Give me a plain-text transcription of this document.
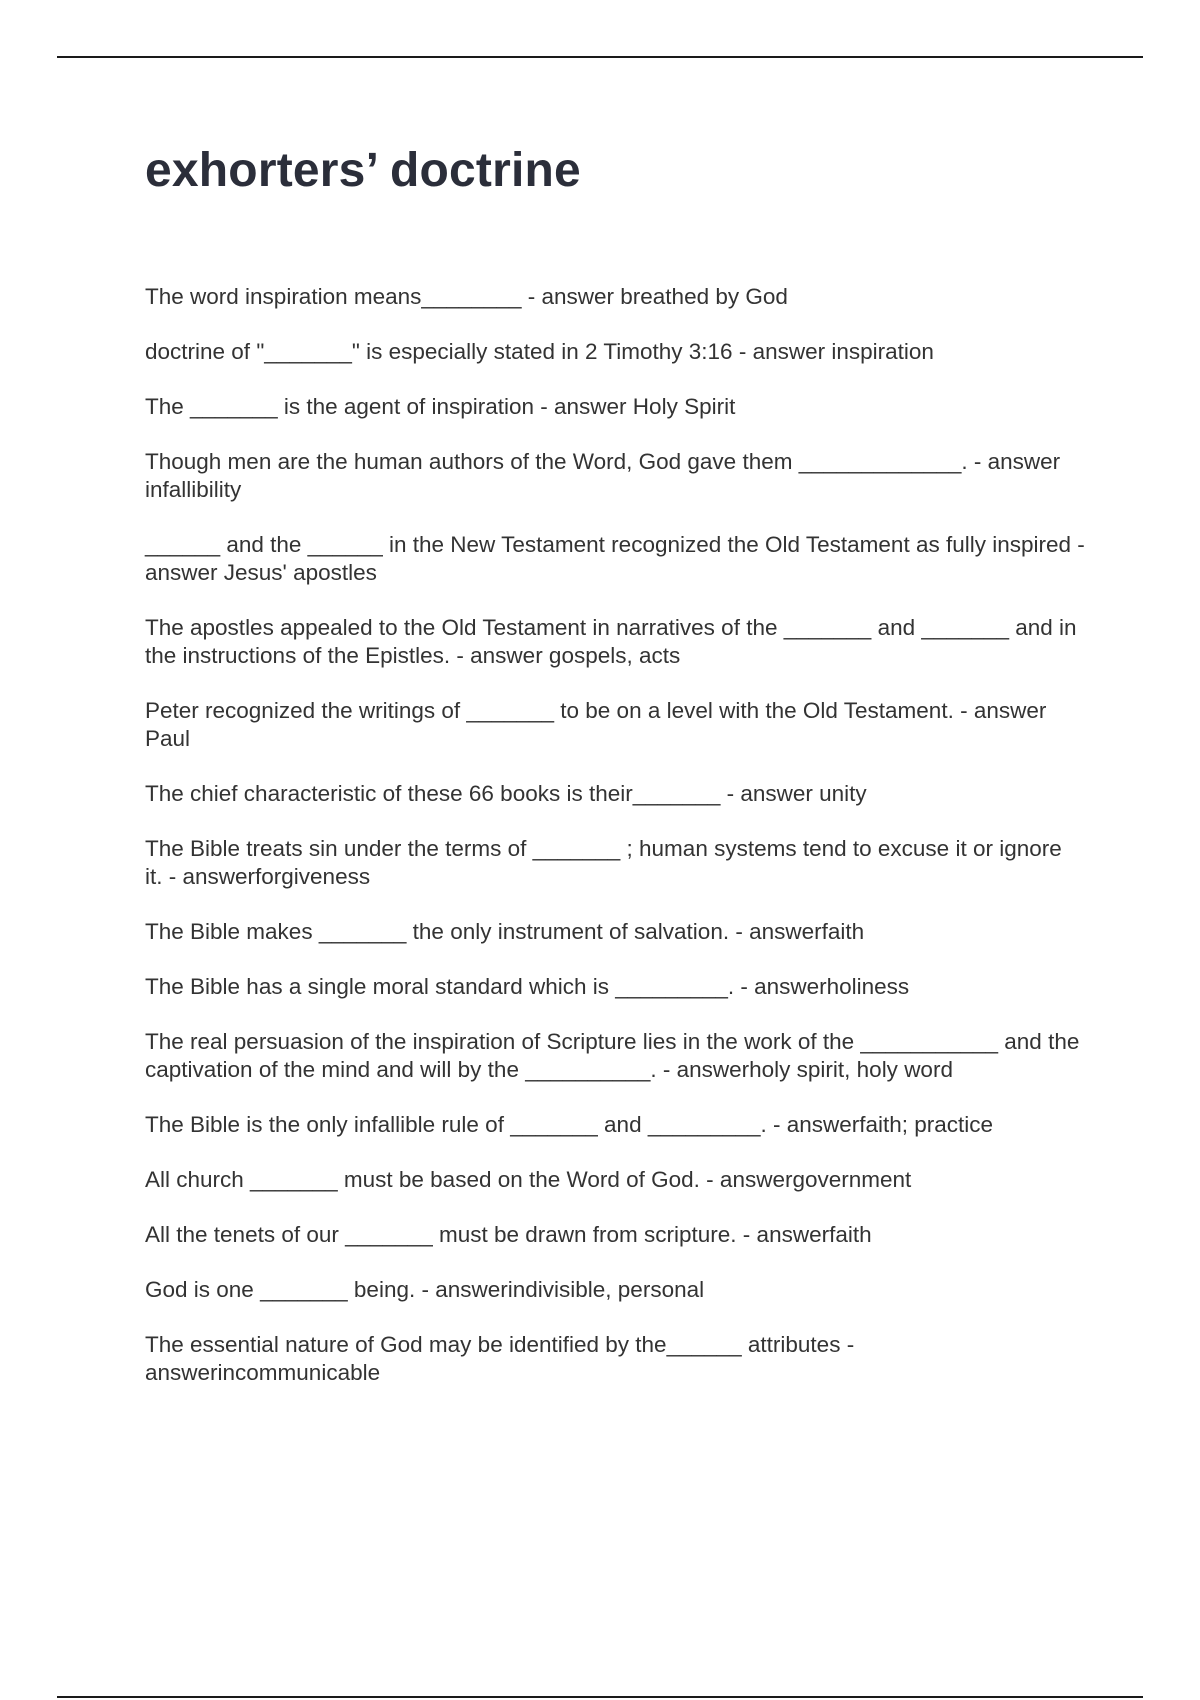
exhorters’ doctrine
The word inspiration means________ - answer breathed by God
doctrine of "_______" is especially stated in 2 Timothy 3:16 - answer inspiration
The _______ is the agent of inspiration - answer Holy Spirit
Though men are the human authors of the Word, God gave them _____________. - answer infallibility
______ and the ______ in the New Testament recognized the Old Testament as fully inspired - answer Jesus' apostles
The apostles appealed to the Old Testament in narratives of the _______ and _______ and in the instructions of the Epistles. - answer gospels, acts
Peter recognized the writings of _______ to be on a level with the Old Testament. - answer Paul
The chief characteristic of these 66 books is their_______ - answer unity
The Bible treats sin under the terms of _______ ; human systems tend to excuse it or ignore it. - answerforgiveness
The Bible makes _______ the only instrument of salvation. - answerfaith
The Bible has a single moral standard which is _________. - answerholiness
The real persuasion of the inspiration of Scripture lies in the work of the ___________ and the captivation of the mind and will by the __________. - answerholy spirit, holy word
The Bible is the only infallible rule of _______ and _________. - answerfaith; practice
All church _______ must be based on the Word of God. - answergovernment
All the tenets of our _______ must be drawn from scripture. - answerfaith
God is one _______ being. - answerindivisible, personal
The essential nature of God may be identified by the______ attributes - answerincommunicable
